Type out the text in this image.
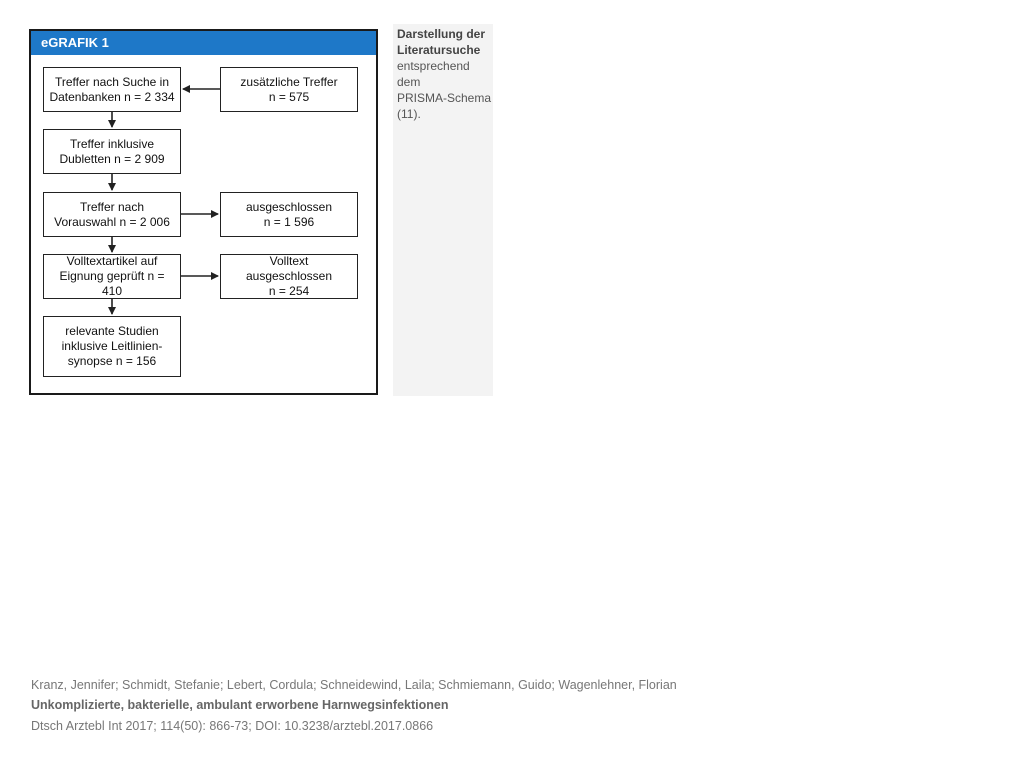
eGRAFIK 1
Treffer nach Suche in
Datenbanken n = 2 334
zusätzliche Treffer
n = 575
Treffer inklusive
Dubletten n = 2 909
Treffer nach
Vorauswahl n = 2 006
ausgeschlossen
n = 1 596
Volltextartikel auf
Eignung geprüft n = 410
Volltext ausgeschlossen
n = 254
relevante Studien
inklusive Leitlinien-
synopse n = 156
Darstellung der
Literatursuche
entsprechend dem
PRISMA-Schema
(11).
Kranz, Jennifer; Schmidt, Stefanie; Lebert, Cordula; Schneidewind, Laila; Schmiemann, Guido; Wagenlehner, Florian
Unkomplizierte, bakterielle, ambulant erworbene Harnwegsinfektionen
Dtsch Arztebl Int 2017; 114(50): 866-73; DOI: 10.3238/arztebl.2017.0866
